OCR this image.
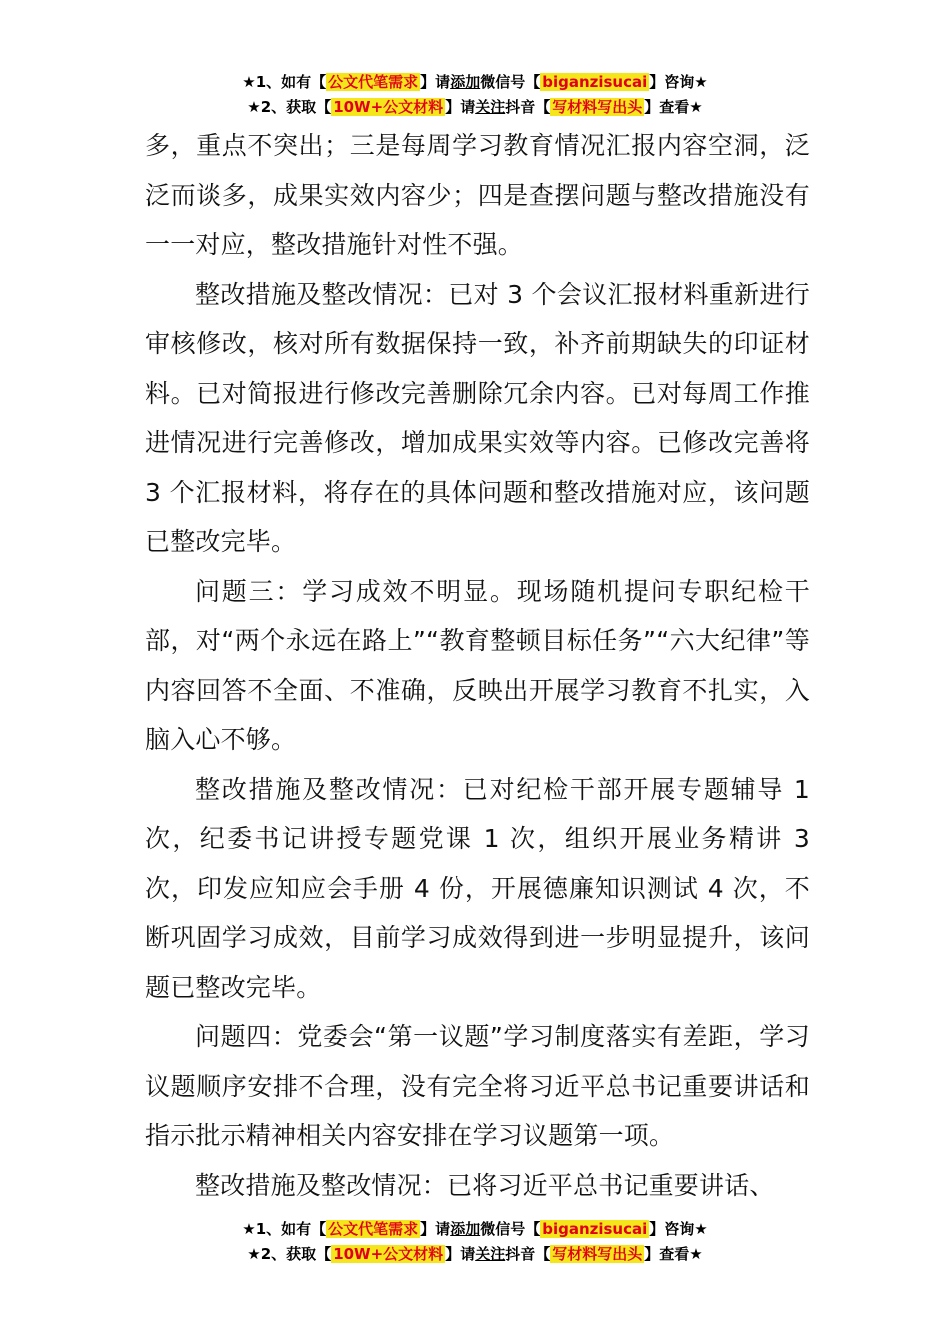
★1、如有【 公文代笔需求 】请添加微信号【 biganzisucai 】咨询★
★2、获取【 10W+公文材料 】请关注抖音【 写材料写出头 】查看★

多，重点不突出；三是每周学习教育情况汇报内容空洞，泛泛而谈多，成果实效内容少；四是查摆问题与整改措施没有一一对应，整改措施针对性不强。

整改措施及整改情况：已对 3 个会议汇报材料重新进行审核修改，核对所有数据保持一致，补齐前期缺失的印证材料。已对简报进行修改完善删除冗余内容。已对每周工作推进情况进行完善修改，增加成果实效等内容。已修改完善将 3 个汇报材料，将存在的具体问题和整改措施对应，该问题已整改完毕。

问题三：学习成效不明显。现场随机提问专职纪检干部，对“两个永远在路上”“教育整顿目标任务”“六大纪律”等内容回答不全面、不准确，反映出开展学习教育不扎实，入脑入心不够。

整改措施及整改情况：已对纪检干部开展专题辅导 1 次，纪委书记讲授专题党课 1 次，组织开展业务精讲 3 次，印发应知应会手册 4 份，开展德廉知识测试 4 次，不断巩固学习成效，目前学习成效得到进一步明显提升，该问题已整改完毕。

问题四：党委会“第一议题”学习制度落实有差距，学习议题顺序安排不合理，没有完全将习近平总书记重要讲话和指示批示精神相关内容安排在学习议题第一项。

整改措施及整改情况：已将习近平总书记重要讲话、

★1、如有【 公文代笔需求 】请添加微信号【 biganzisucai 】咨询★
★2、获取【 10W+公文材料 】请关注抖音【 写材料写出头 】查看★
